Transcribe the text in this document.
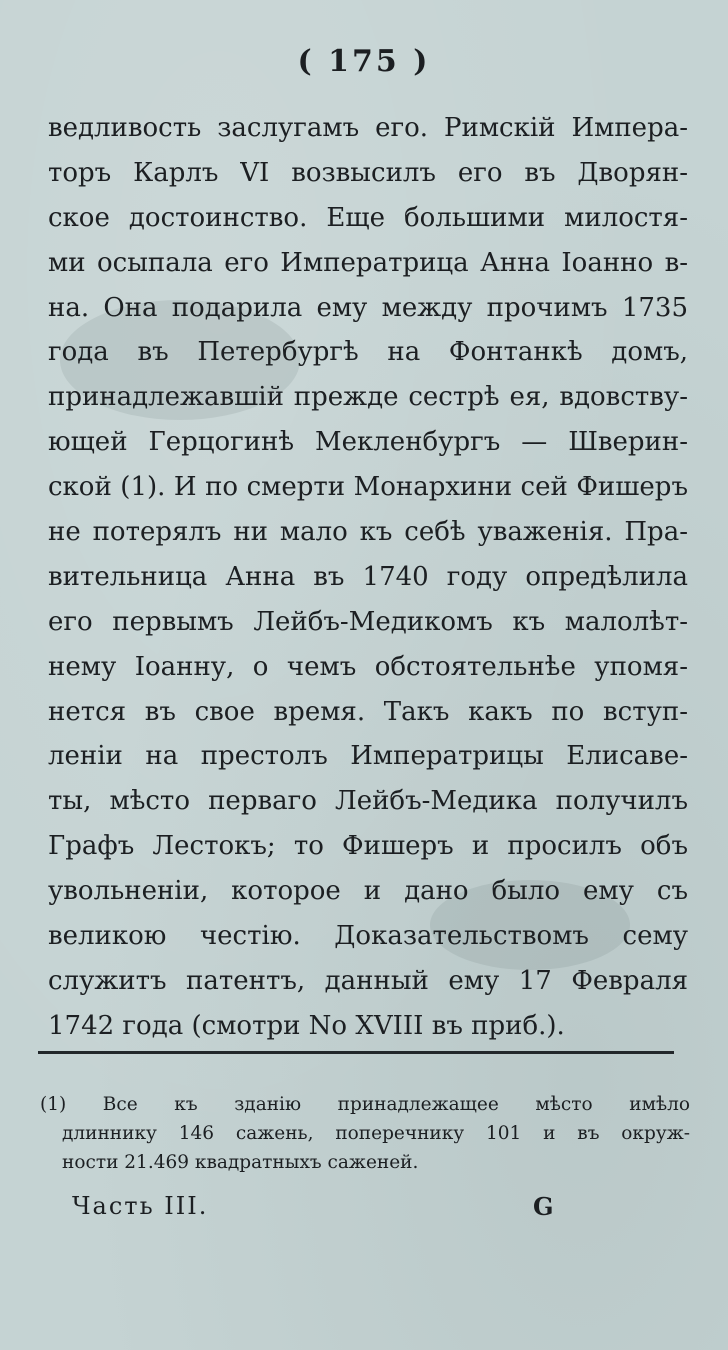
( 175 )
ведливость заслугамъ его. Римскій Импера-
торъ Карлъ VI возвысилъ его въ Дворян-
ское достоинство. Еще большими милостя-
ми осыпала его Императрица Анна Іоанно в-
на. Она подарила ему между прочимъ 1735
года въ Петербургѣ на Фонтанкѣ домъ,
принадлежавшій прежде сестрѣ ея, вдовству-
ющей Герцогинѣ Мекленбургъ — Шверин-
ской (1). И по смерти Монархини сей Фишеръ
не потерялъ ни мало къ себѣ уваженія. Пра-
вительница Анна въ 1740 году опредѣлила
его первымъ Лейбъ-Медикомъ къ малолѣт-
нему Іоанну, о чемъ обстоятельнѣе упомя-
нется въ свое время. Такъ какъ по вступ-
леніи на престолъ Императрицы Елисаве-
ты, мѣсто перваго Лейбъ-Медика получилъ
Графъ Лестокъ; то Фишеръ и просилъ объ
увольненіи, которое и дано было ему съ
великою честію. Доказательствомъ сему
служитъ патентъ, данный ему 17 Февраля
1742 года (смотри No XVIII въ приб.).
(1) Все къ зданію принадлежащее мѣсто имѣло
длиннику 146 сажень, поперечнику 101 и въ окруж-
ности 21.469 квадратныхъ саженей.
Часть III.	G
